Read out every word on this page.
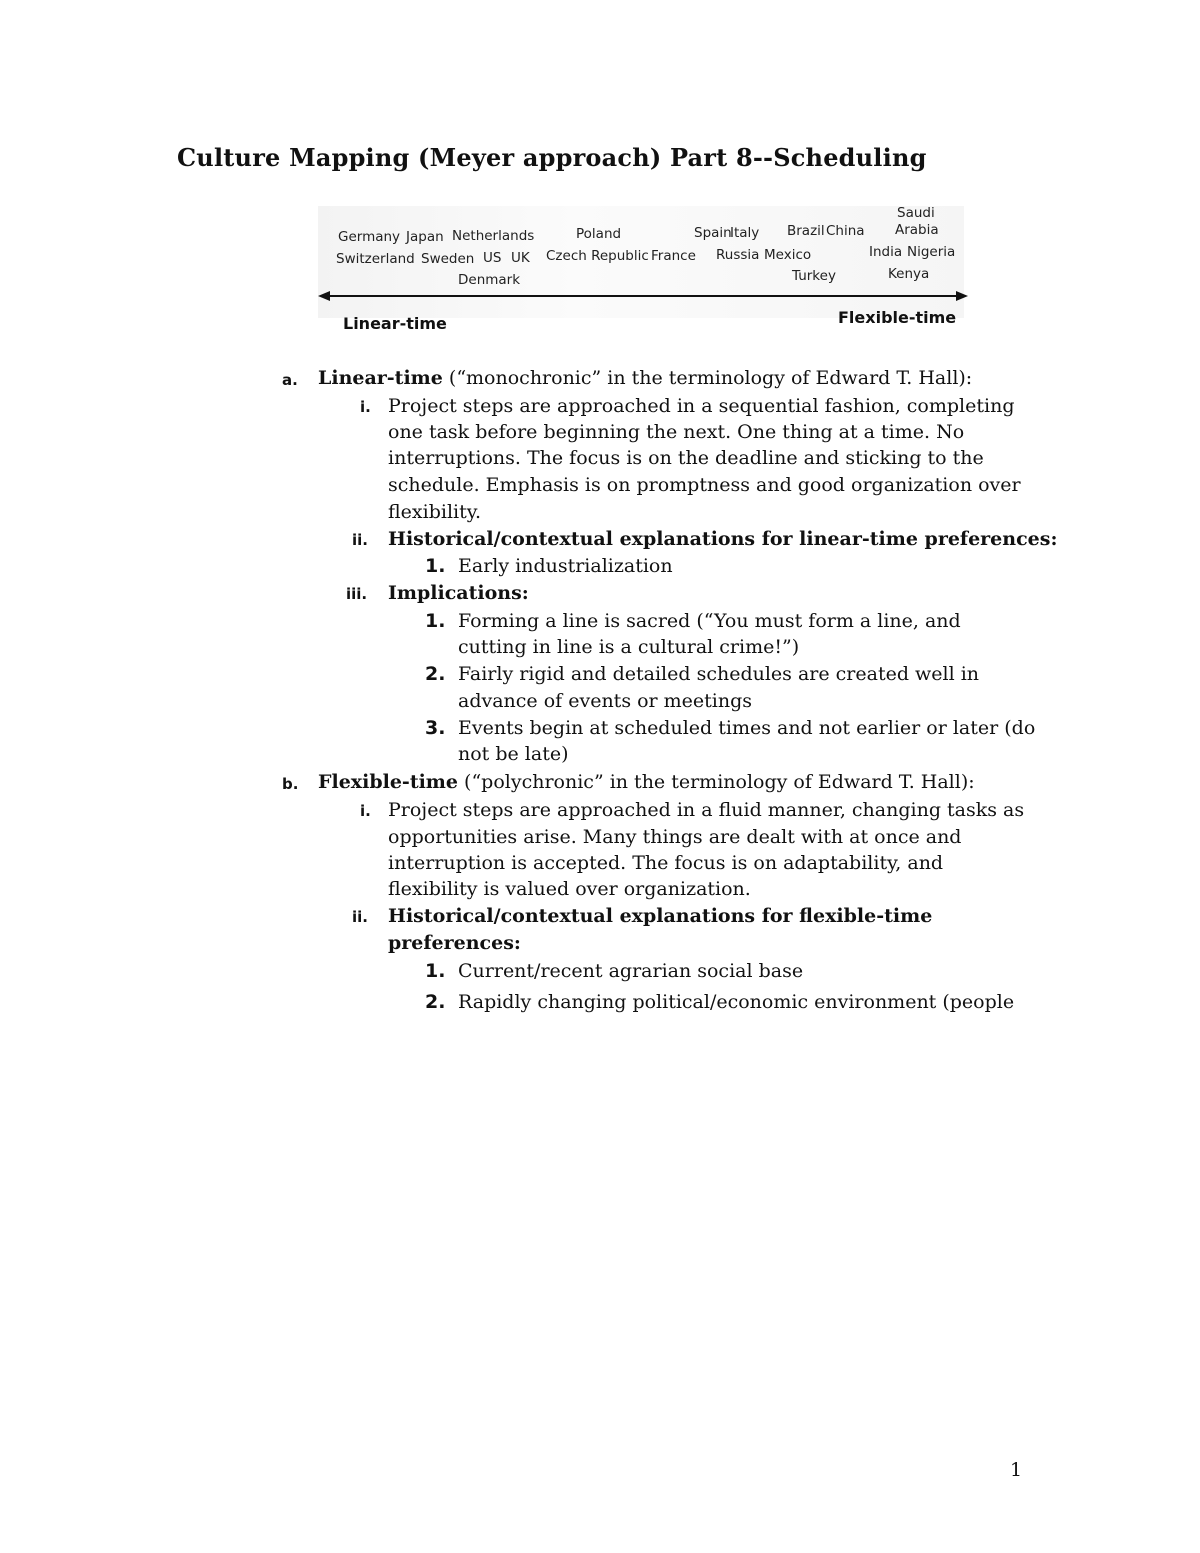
Culture Mapping (Meyer approach) Part 8--Scheduling
Germany
Switzerland
Japan
Sweden
Netherlands
US UK
Denmark
Poland
Czech Republic France
Spain
Italy
Russia Mexico
Brazil China
Turkey
Saudi
Arabia
India Nigeria
Kenya
Linear-time	Flexible-time
a. Linear-time (“monochronic” in the terminology of Edward T. Hall):

i. Project steps are approached in a sequential fashion, completing

one task before beginning the next. One thing at a time. No

interruptions. The focus is on the deadline and sticking to the

schedule. Emphasis is on promptness and good organization over

flexibility.

ii. Historical/contextual explanations for linear-time preferences:

1. Early industrialization

iii. Implications:

1. Forming a line is sacred (“You must form a line, and

cutting in line is a cultural crime!”)

2. Fairly rigid and detailed schedules are created well in

advance of events or meetings

3. Events begin at scheduled times and not earlier or later (do

not be late)

b. Flexible-time (“polychronic” in the terminology of Edward T. Hall):

i. Project steps are approached in a fluid manner, changing tasks as

opportunities arise. Many things are dealt with at once and

interruption is accepted. The focus is on adaptability, and

flexibility is valued over organization.

ii. Historical/contextual explanations for flexible-time

preferences:

1. Current/recent agrarian social base

2. Rapidly changing political/economic environment (people

1
